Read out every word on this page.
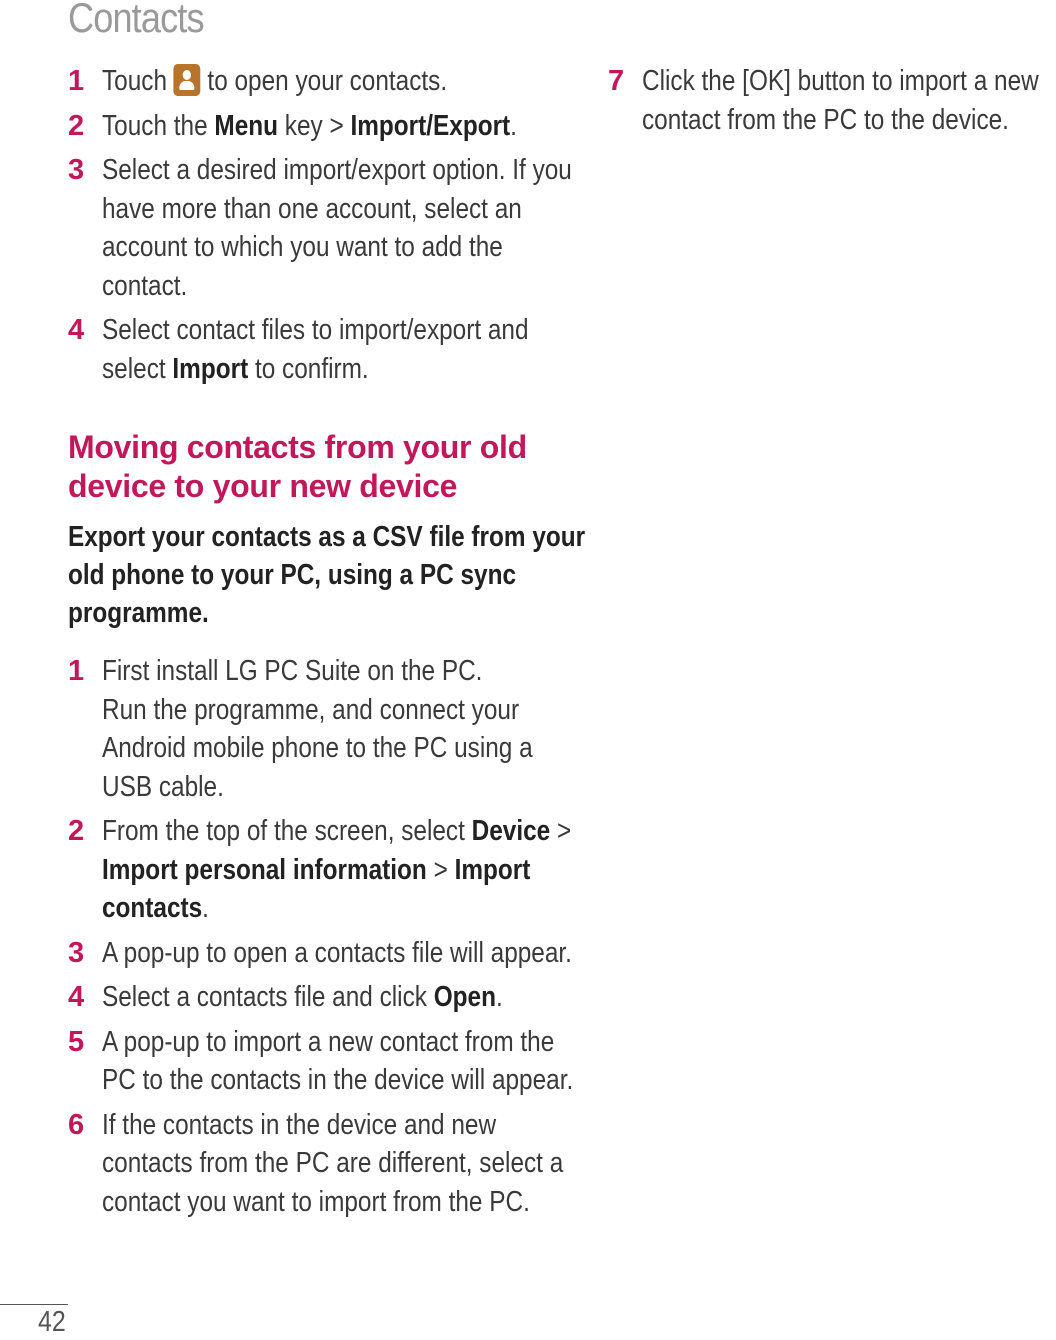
Contacts
1 Touch  to open your contacts.
2 Touch the Menu key > Import/Export.
3 Select a desired import/export option. If you have more than one account, select an account to which you want to add the contact.
4 Select contact files to import/export and select Import to confirm.
Moving contacts from your old device to your new device
Export your contacts as a CSV file from your old phone to your PC, using a PC sync programme.
1 First install LG PC Suite on the PC.
Run the programme, and connect your Android mobile phone to the PC using a USB cable.
2 From the top of the screen, select Device > Import personal information > Import contacts.
3 A pop-up to open a contacts file will appear.
4 Select a contacts file and click Open.
5 A pop-up to import a new contact from the PC to the contacts in the device will appear.
6 If the contacts in the device and new contacts from the PC are different, select a contact you want to import from the PC.
7 Click the [OK] button to import a new contact from the PC to the device.
42
